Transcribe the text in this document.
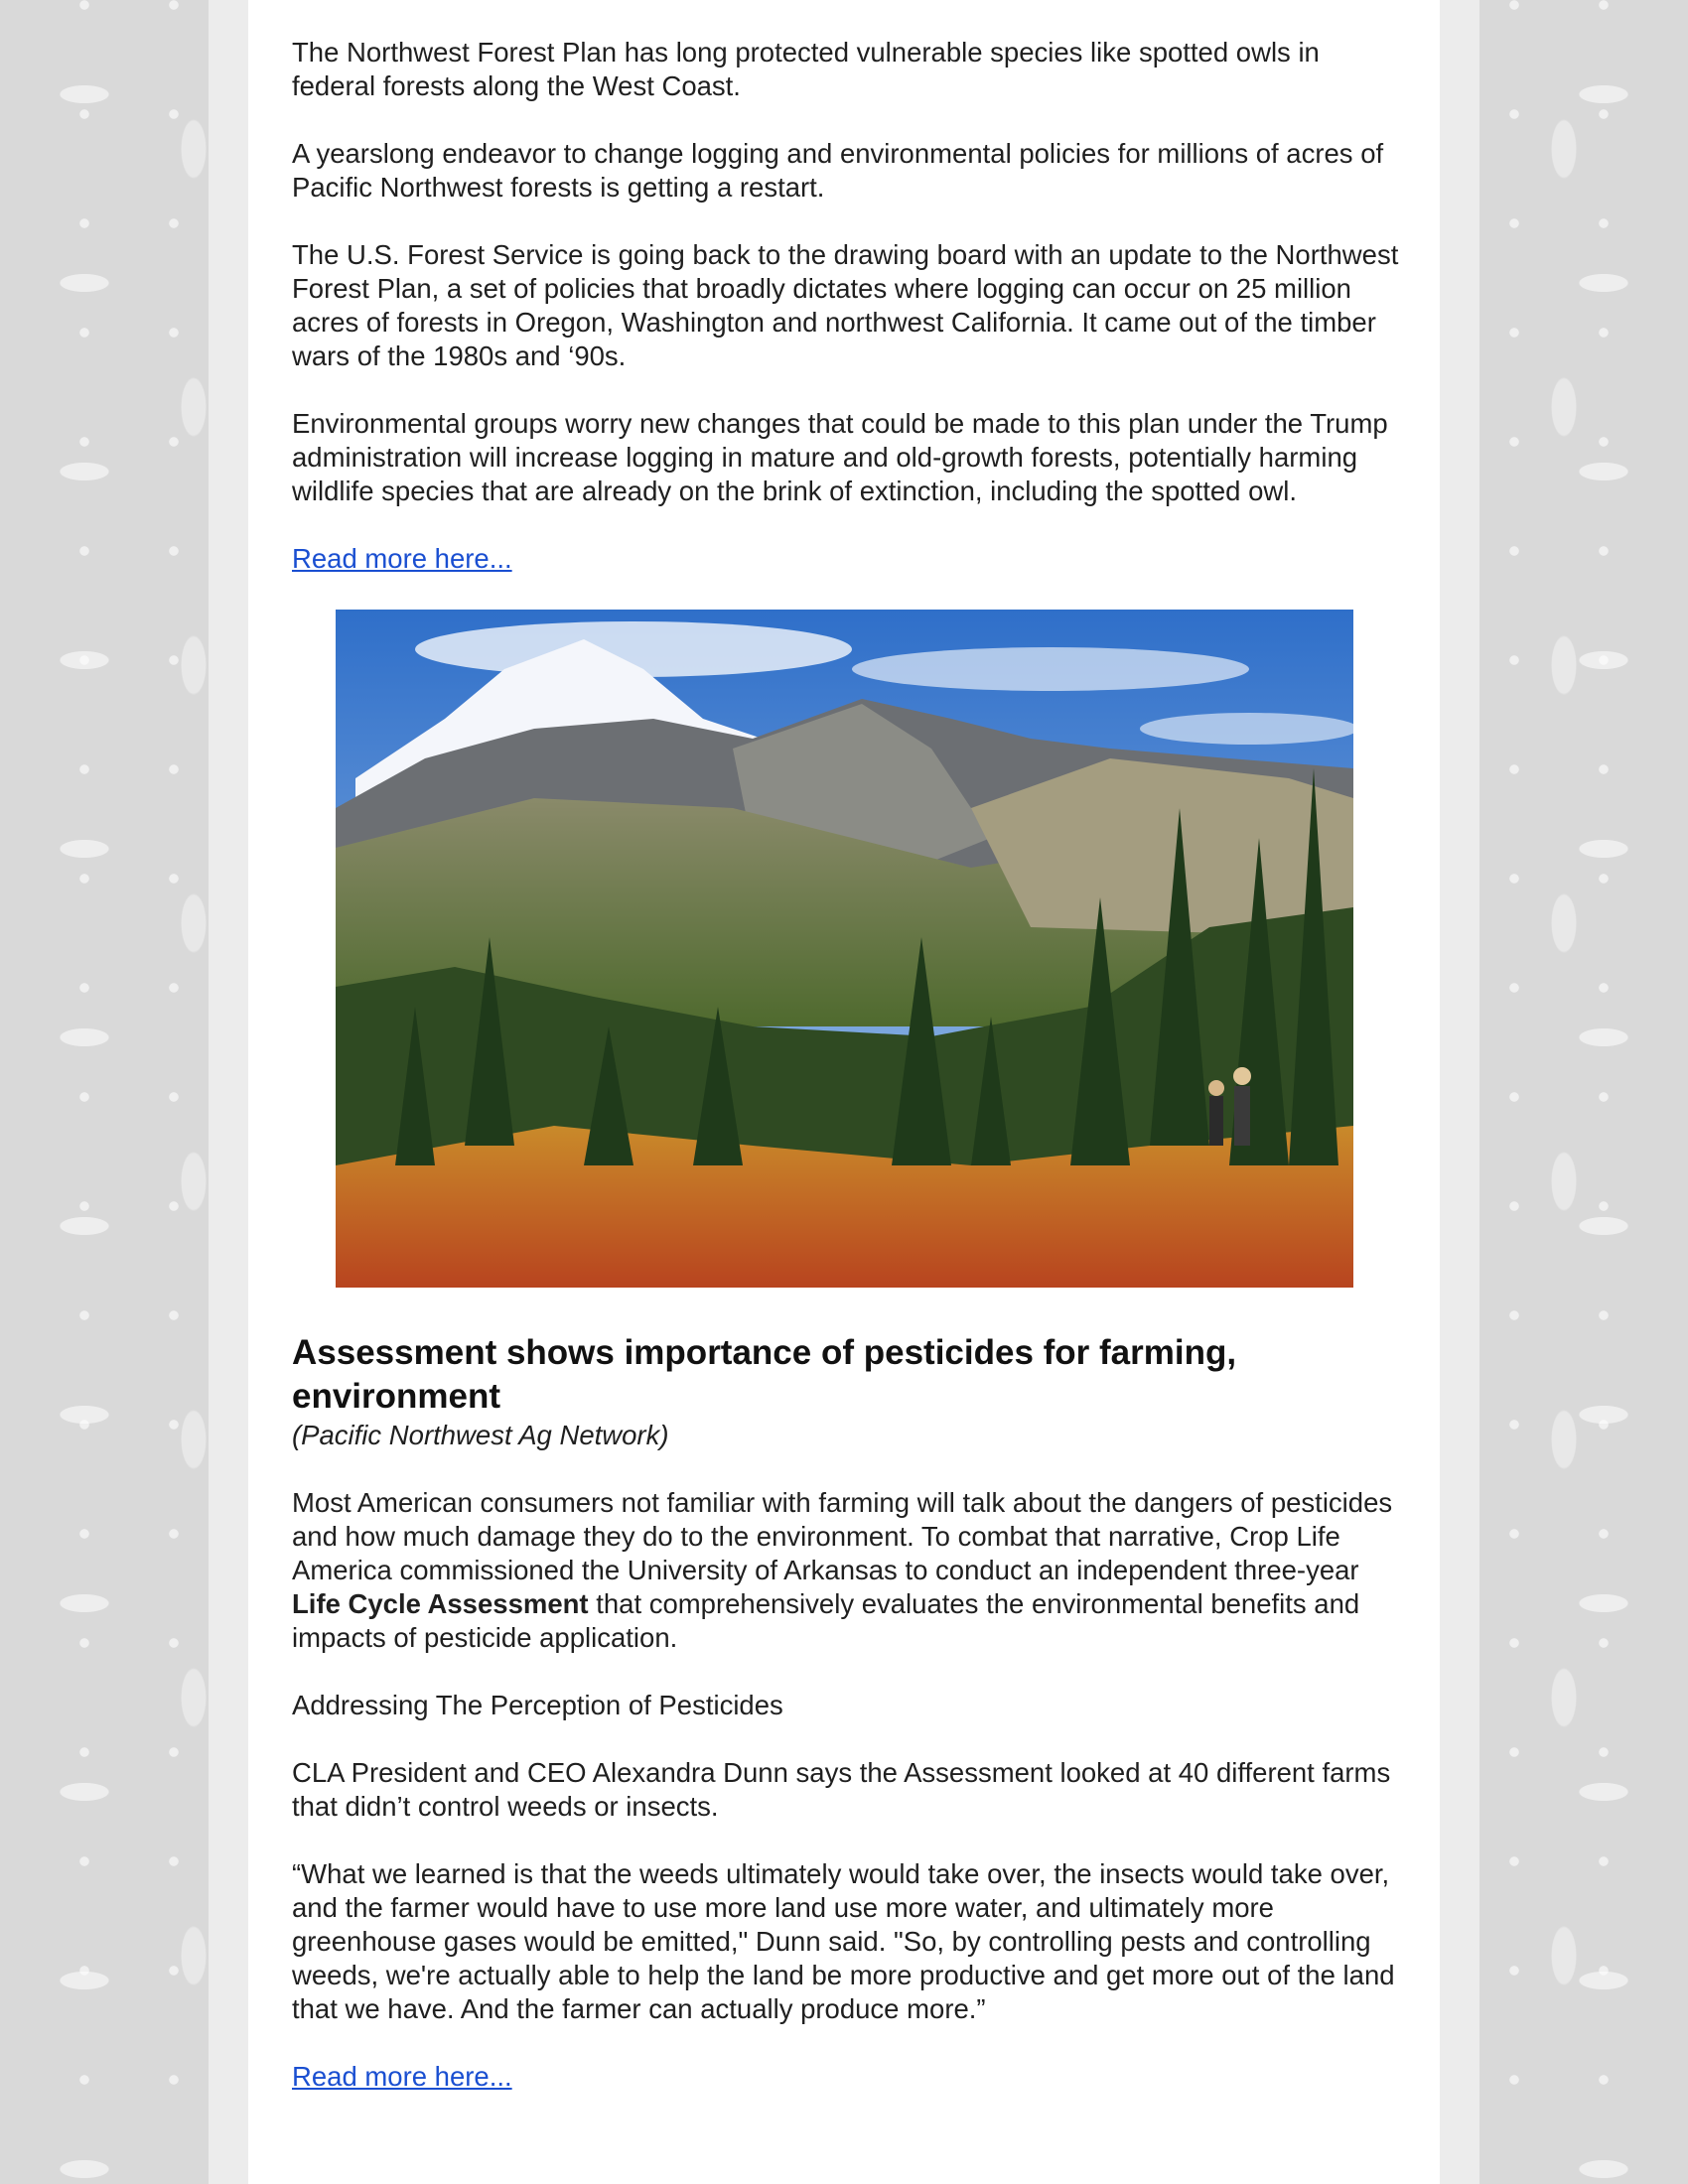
The Northwest Forest Plan has long protected vulnerable species like spotted owls in federal forests along the West Coast.

A yearslong endeavor to change logging and environmental policies for millions of acres of Pacific Northwest forests is getting a restart.

The U.S. Forest Service is going back to the drawing board with an update to the Northwest Forest Plan, a set of policies that broadly dictates where logging can occur on 25 million acres of forests in Oregon, Washington and northwest California. It came out of the timber wars of the 1980s and ‘90s.

Environmental groups worry new changes that could be made to this plan under the Trump administration will increase logging in mature and old-growth forests, potentially harming wildlife species that are already on the brink of extinction, including the spotted owl.

Read more here...

Assessment shows importance of pesticides for farming, environment

(Pacific Northwest Ag Network)

Most American consumers not familiar with farming will talk about the dangers of pesticides and how much damage they do to the environment. To combat that narrative, Crop Life America commissioned the University of Arkansas to conduct an independent three-year Life Cycle Assessment that comprehensively evaluates the environmental benefits and impacts of pesticide application.

Addressing The Perception of Pesticides

CLA President and CEO Alexandra Dunn says the Assessment looked at 40 different farms that didn’t control weeds or insects.

“What we learned is that the weeds ultimately would take over, the insects would take over, and the farmer would have to use more land use more water, and ultimately more greenhouse gases would be emitted," Dunn said. "So, by controlling pests and controlling weeds, we're actually able to help the land be more productive and get more out of the land that we have. And the farmer can actually produce more.”

Read more here...
